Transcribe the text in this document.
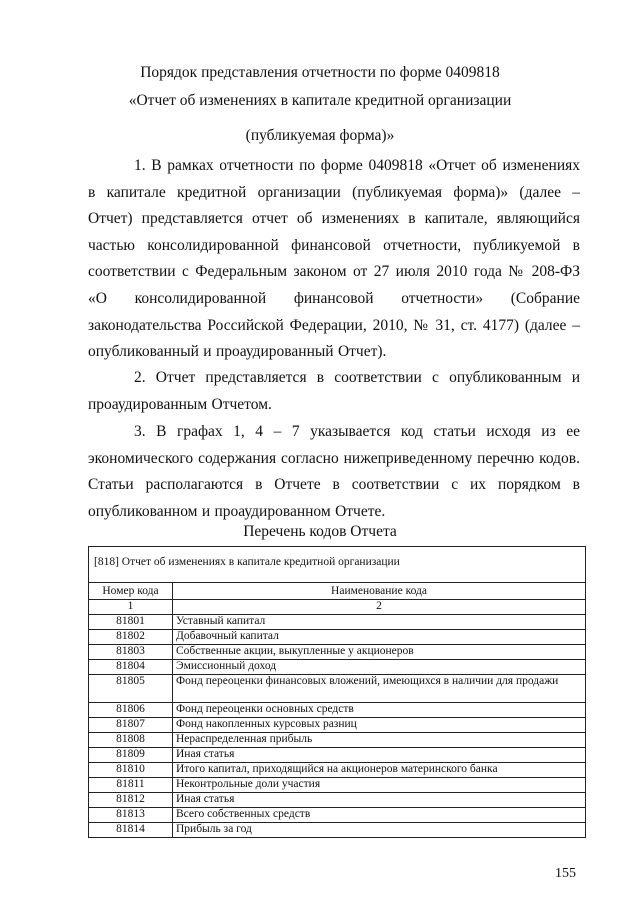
Порядок представления отчетности по форме 0409818
«Отчет об изменениях в капитале кредитной организации
(публикуемая форма)»

1. В рамках отчетности по форме 0409818 «Отчет об изменениях в капитале кредитной организации (публикуемая форма)» (далее – Отчет) представляется отчет об изменениях в капитале, являющийся частью консолидированной финансовой отчетности, публикуемой в соответствии с Федеральным законом от 27 июля 2010 года № 208-ФЗ «О консолидированной финансовой отчетности» (Собрание законодательства Российской Федерации, 2010, № 31, ст. 4177) (далее – опубликованный и проаудированный Отчет).

2. Отчет представляется в соответствии с опубликованным и проаудированным Отчетом.

3. В графах 1, 4 – 7 указывается код статьи исходя из ее экономического содержания согласно нижеприведенному перечню кодов. Статьи располагаются в Отчете в соответствии с их порядком в опубликованном и проаудированном Отчете.

Перечень кодов Отчета
[818] Отчет об изменениях в капитале кредитной организации	
Номер кода	Наименование кода
1	2
81801	Уставный капитал
81802	Добавочный капитал
81803	Собственные акции, выкупленные у акционеров
81804	Эмиссионный доход
81805	Фонд переоценки финансовых вложений, имеющихся в наличии для продажи
81806	Фонд переоценки основных средств
81807	Фонд накопленных курсовых разниц
81808	Нераспределенная прибыль
81809	Иная статья
81810	Итого капитал, приходящийся на акционеров материнского банка
81811	Неконтрольные доли участия
81812	Иная статья
81813	Всего собственных средств
81814	Прибыль за год
155
